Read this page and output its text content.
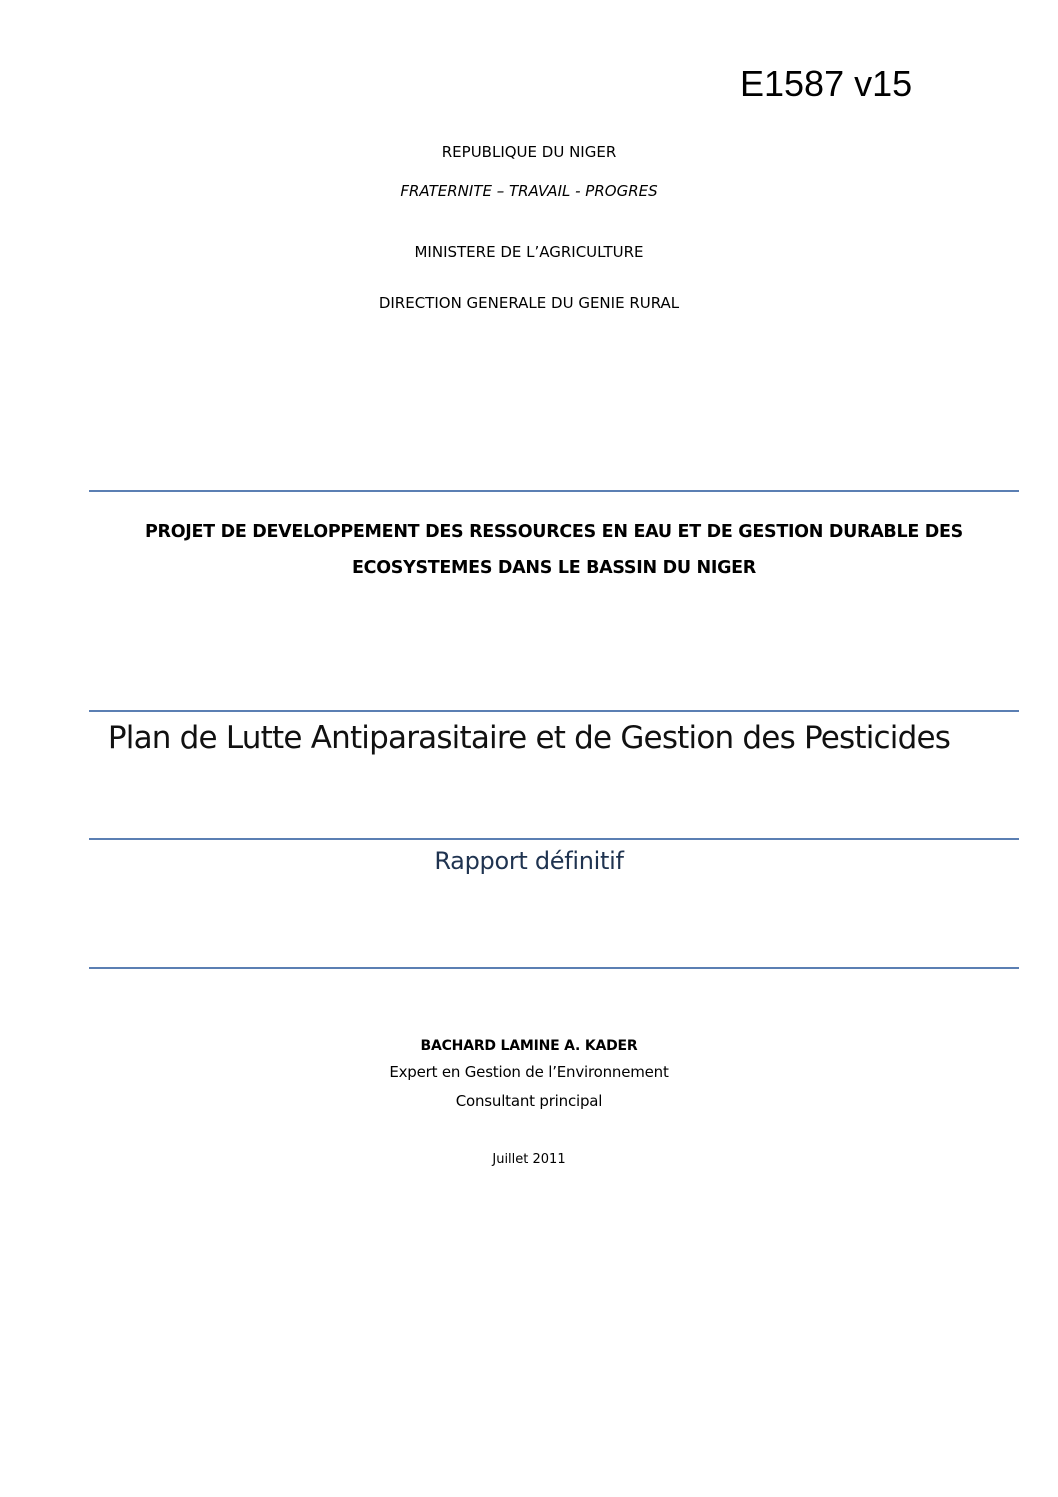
E1587 v15
REPUBLIQUE DU NIGER
FRATERNITE – TRAVAIL - PROGRES
MINISTERE DE L’AGRICULTURE
DIRECTION GENERALE DU GENIE RURAL
PROJET DE DEVELOPPEMENT DES RESSOURCES EN EAU ET DE GESTION DURABLE DES
ECOSYSTEMES DANS LE BASSIN DU NIGER
Plan de Lutte Antiparasitaire et de Gestion des Pesticides
Rapport définitif
BACHARD LAMINE A. KADER
Expert en Gestion de l’Environnement
Consultant principal
Juillet 2011
